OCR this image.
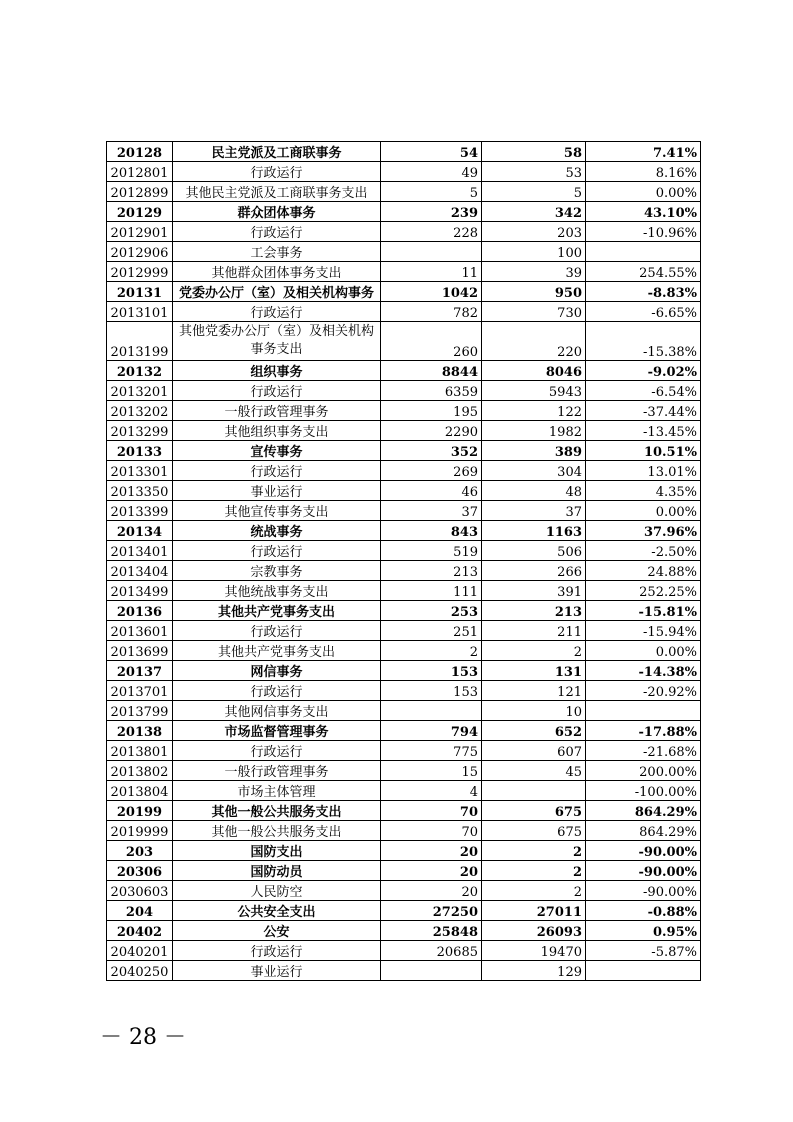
20128	民主党派及工商联事务	54	58	7.41%
2012801	行政运行	49	53	8.16%
2012899	其他民主党派及工商联事务支出	5	5	0.00%
20129	群众团体事务	239	342	43.10%
2012901	行政运行	228	203	-10.96%
2012906	工会事务		100	
2012999	其他群众团体事务支出	11	39	254.55%
20131	党委办公厅（室）及相关机构事务	1042	950	-8.83%
2013101	行政运行	782	730	-6.65%
2013199	其他党委办公厅（室）及相关机构事务支出	260	220	-15.38%
20132	组织事务	8844	8046	-9.02%
2013201	行政运行	6359	5943	-6.54%
2013202	一般行政管理事务	195	122	-37.44%
2013299	其他组织事务支出	2290	1982	-13.45%
20133	宣传事务	352	389	10.51%
2013301	行政运行	269	304	13.01%
2013350	事业运行	46	48	4.35%
2013399	其他宣传事务支出	37	37	0.00%
20134	统战事务	843	1163	37.96%
2013401	行政运行	519	506	-2.50%
2013404	宗教事务	213	266	24.88%
2013499	其他统战事务支出	111	391	252.25%
20136	其他共产党事务支出	253	213	-15.81%
2013601	行政运行	251	211	-15.94%
2013699	其他共产党事务支出	2	2	0.00%
20137	网信事务	153	131	-14.38%
2013701	行政运行	153	121	-20.92%
2013799	其他网信事务支出		10	
20138	市场监督管理事务	794	652	-17.88%
2013801	行政运行	775	607	-21.68%
2013802	一般行政管理事务	15	45	200.00%
2013804	市场主体管理	4		-100.00%
20199	其他一般公共服务支出	70	675	864.29%
2019999	其他一般公共服务支出	70	675	864.29%
203	国防支出	20	2	-90.00%
20306	国防动员	20	2	-90.00%
2030603	人民防空	20	2	-90.00%
204	公共安全支出	27250	27011	-0.88%
20402	公安	25848	26093	0.95%
2040201	行政运行	20685	19470	-5.87%
2040250	事业运行		129	
－ 28 －
